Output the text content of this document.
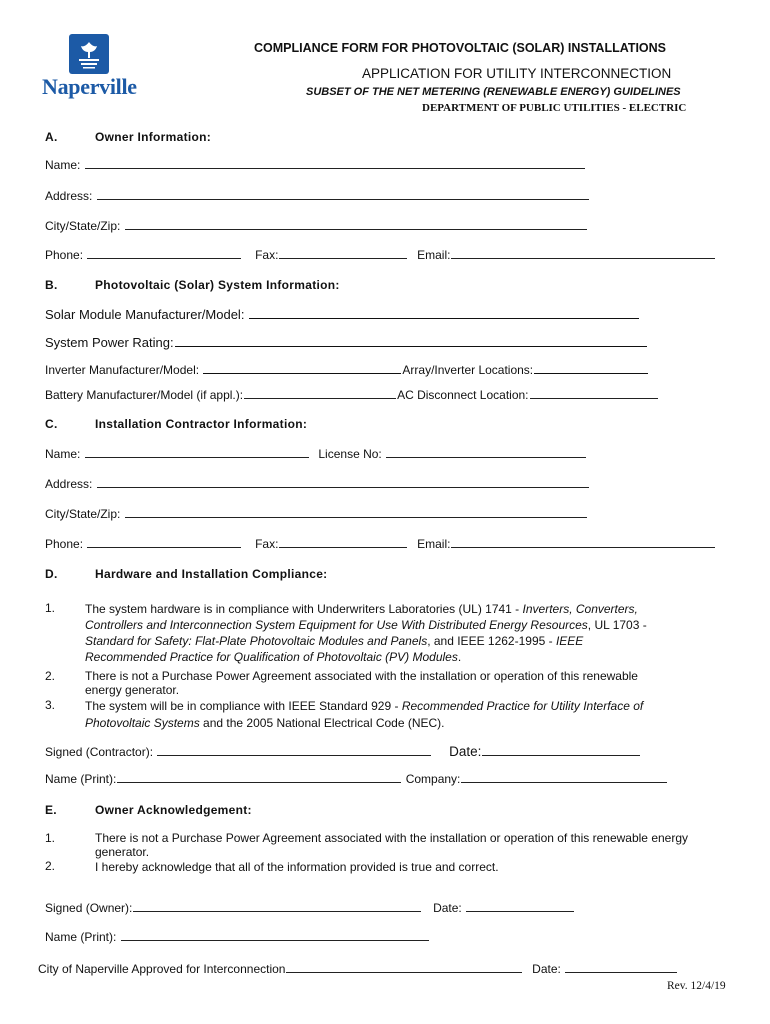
Naperville
COMPLIANCE FORM FOR PHOTOVOLTAIC (SOLAR) INSTALLATIONS
APPLICATION FOR UTILITY INTERCONNECTION
SUBSET OF THE NET METERING (RENEWABLE ENERGY) GUIDELINES
DEPARTMENT OF PUBLIC UTILITIES - ELECTRIC
A.	Owner Information:
Name:
Address:
City/State/Zip:
Phone:	Fax:	Email:
B.	Photovoltaic (Solar) System Information:
Solar Module Manufacturer/Model:
System Power Rating:
Inverter Manufacturer/Model:	Array/Inverter Locations:
Battery Manufacturer/Model (if appl.):	AC Disconnect Location:
C.	Installation Contractor Information:
Name:	License No:
Address:
City/State/Zip:
Phone:	Fax:	Email:
D.	Hardware and Installation Compliance:
1. The system hardware is in compliance with Underwriters Laboratories (UL) 1741 - Inverters, Converters, Controllers and Interconnection System Equipment for Use With Distributed Energy Resources, UL 1703 - Standard for Safety: Flat-Plate Photovoltaic Modules and Panels, and IEEE 1262-1995 - IEEE Recommended Practice for Qualification of Photovoltaic (PV) Modules.
2. There is not a Purchase Power Agreement associated with the installation or operation of this renewable energy generator.
3. The system will be in compliance with IEEE Standard 929 - Recommended Practice for Utility Interface of Photovoltaic Systems and the 2005 National Electrical Code (NEC).
Signed (Contractor):	Date:
Name (Print):	Company:
E.	Owner Acknowledgement:
1.	There is not a Purchase Power Agreement associated with the installation or operation of this renewable energy generator.
2.	I hereby acknowledge that all of the information provided is true and correct.
Signed (Owner):	Date:
Name (Print):
City of Naperville Approved for Interconnection	Date:
Rev. 12/4/19
